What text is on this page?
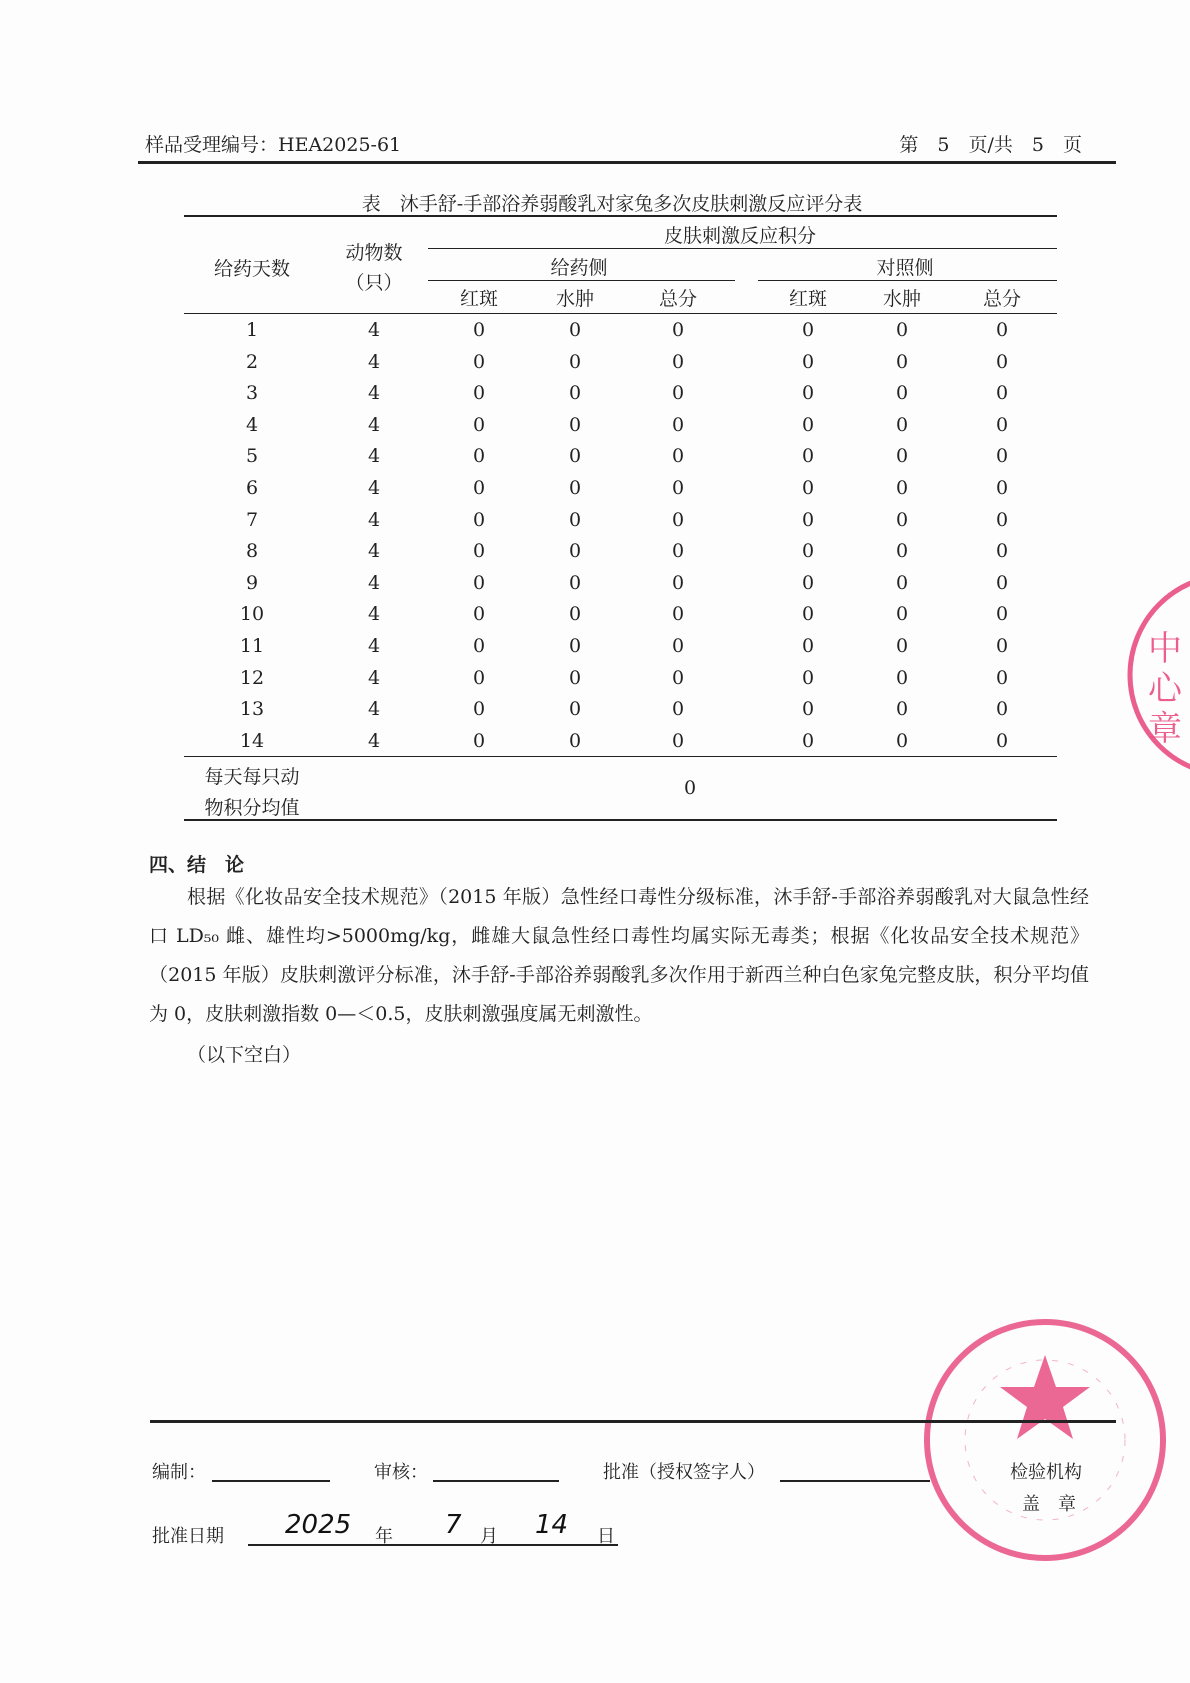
样品受理编号：HEA2025-61	第　5　页/共　5　页
表　沐手舒-手部浴养弱酸乳对家兔多次皮肤刺激反应评分表
给药天数
动物数
（只）
皮肤刺激反应积分
给药侧	对照侧
红斑	水肿	总分	红斑	水肿	总分
1	4	0	0	0	0	0	0
2	4	0	0	0	0	0	0
3	4	0	0	0	0	0	0
4	4	0	0	0	0	0	0
5	4	0	0	0	0	0	0
6	4	0	0	0	0	0	0
7	4	0	0	0	0	0	0
8	4	0	0	0	0	0	0
9	4	0	0	0	0	0	0
10	4	0	0	0	0	0	0
11	4	0	0	0	0	0	0
12	4	0	0	0	0	0	0
13	4	0	0	0	0	0	0
14	4	0	0	0	0	0	0
每天每只动
物积分均值
0
四、结　论
根据《化妆品安全技术规范》（2015 年版）急性经口毒性分级标准，沐手舒-手部浴养弱酸乳对大鼠急性经口 LD₅₀ 雌、雄性均>5000mg/kg，雌雄大鼠急性经口毒性均属实际无毒类；根据《化妆品安全技术规范》（2015 年版）皮肤刺激评分标准，沐手舒-手部浴养弱酸乳多次作用于新西兰种白色家兔完整皮肤，积分平均值为 0，皮肤刺激指数 0—＜0.5，皮肤刺激强度属无刺激性。
（以下空白）
中
心
章
编制：	审核：	批准（授权签字人）	检验机构
盖　章
批准日期 2025 年 7 月 14 日
